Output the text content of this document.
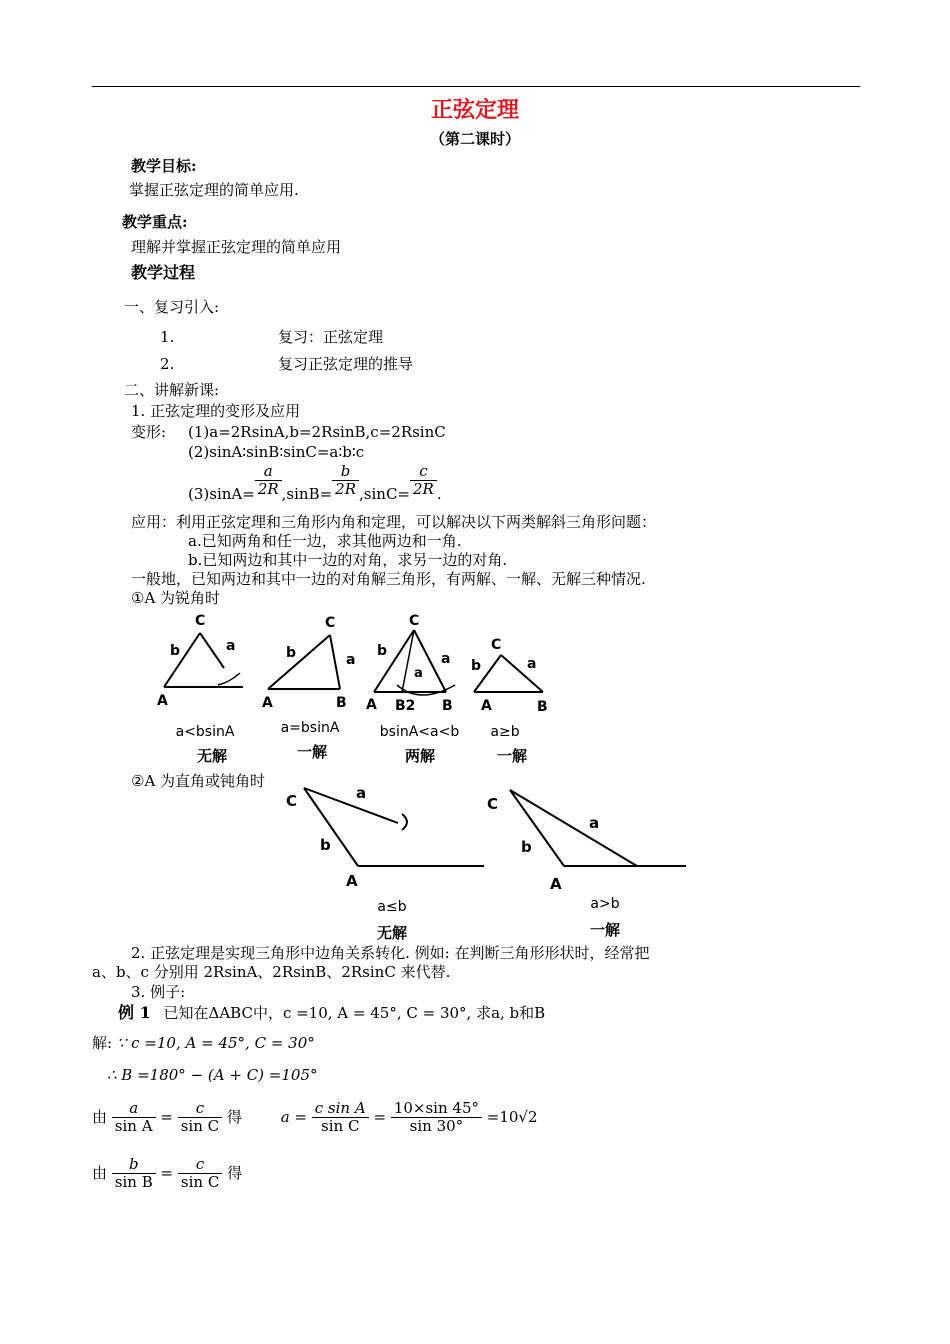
正弦定理
（第二课时）
教学目标:
掌握正弦定理的简单应用.
教学重点:
理解并掌握正弦定理的简单应用
教学过程
一、复习引入:
1.	复习：正弦定理
2.	复习正弦定理的推导
二、讲解新课:
1. 正弦定理的变形及应用
变形: (1)a=2RsinA,b=2RsinB,c=2RsinC
(2)sinA∶sinB∶sinC=a∶b∶c
$(3)\sin A= \frac{a}{2R} ,\sin B= \frac{b}{2R} ,\sin C= \frac{c}{2R}$ .
应用：利用正弦定理和三角形内角和定理，可以解决以下两类解斜三角形问题：
a.已知两角和任一边，求其他两边和一角.
b.已知两边和其中一边的对角，求另一边的对角.
一般地，已知两边和其中一边的对角解三角形，有两解、一解、无解三种情况.
①A 为锐角时
C
b	a
A
C
b	a
A	B
C
b	a
a
A B2 B
C
b	a
A	B
a<bsinA
无解
a=bsinA
一解
bsinA<a<b
两解
a≥b
一解
②A 为直角或钝角时
C	a
b
A
C
a
b
A
a≤b
无解
a>b
一解
2. 正弦定理是实现三角形中边角关系转化. 例如: 在判断三角形形状时，经常把
a、b、c 分别用 2RsinA、2RsinB、2RsinC 来代替.
3. 例子:
例 1 已知在ΔABC中，c =10, A = 45°, C = 30°, 求a, b和B
解: ∵ c =10, A = 45°, C = 30°
∴ B =180° − (A + C) =105°
由 $\frac{a}{\text{sin A}} = \frac{c}{\text{sin C}}$ 得	$a = \frac{\text{c sin A}}{\text{sin C}} = \frac{10\times\sin 45^\circ}{\sin 30^\circ} =10√2$
由 $\frac{b}{\text{sin B}} = \frac{c}{\text{sin C}}$ 得
